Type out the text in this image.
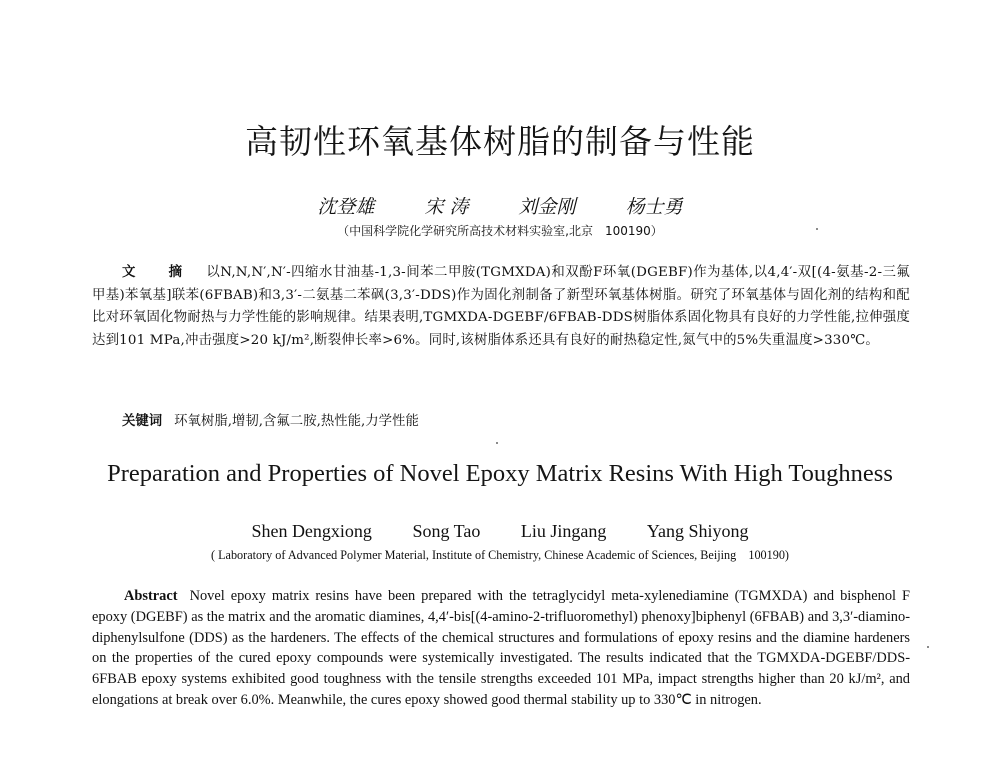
高韧性环氧基体树脂的制备与性能
沈登雄	宋 涛	刘金刚	杨士勇
（中国科学院化学研究所高技术材料实验室,北京　100190）
文 摘 以N,N,N′,N′-四缩水甘油基-1,3-间苯二甲胺(TGMXDA)和双酚F环氧(DGEBF)作为基体,以4,4′-双[(4-氨基-2-三氟甲基)苯氧基]联苯(6FBAB)和3,3′-二氨基二苯砜(3,3′-DDS)作为固化剂制备了新型环氧基体树脂。研究了环氧基体与固化剂的结构和配比对环氧固化物耐热与力学性能的影响规律。结果表明,TGMXDA-DGEBF/6FBAB-DDS树脂体系固化物具有良好的力学性能,拉伸强度达到101 MPa,冲击强度>20 kJ/m²,断裂伸长率>6%。同时,该树脂体系还具有良好的耐热稳定性,氮气中的5%失重温度>330℃。
关键词 环氧树脂,增韧,含氟二胺,热性能,力学性能
Preparation and Properties of Novel Epoxy Matrix Resins With High Toughness
Shen Dengxiong Song Tao Liu Jingang Yang Shiyong
( Laboratory of Advanced Polymer Material, Institute of Chemistry, Chinese Academic of Sciences, Beijing　100190)
Abstract Novel epoxy matrix resins have been prepared with the tetraglycidyl meta-xylenediamine (TGMXDA) and bisphenol F epoxy (DGEBF) as the matrix and the aromatic diamines, 4,4′-bis[(4-amino-2-trifluoromethyl) phenoxy]biphenyl (6FBAB) and 3,3′-diamino-diphenylsulfone (DDS) as the hardeners. The effects of the chemical structures and formulations of epoxy resins and the diamine hardeners on the properties of the cured epoxy compounds were systemically investigated. The results indicated that the TGMXDA-DGEBF/DDS-6FBAB epoxy systems exhibited good toughness with the tensile strengths exceeded 101 MPa, impact strengths higher than 20 kJ/m², and elongations at break over 6.0%. Meanwhile, the cures epoxy showed good thermal stability up to 330℃ in nitrogen.
